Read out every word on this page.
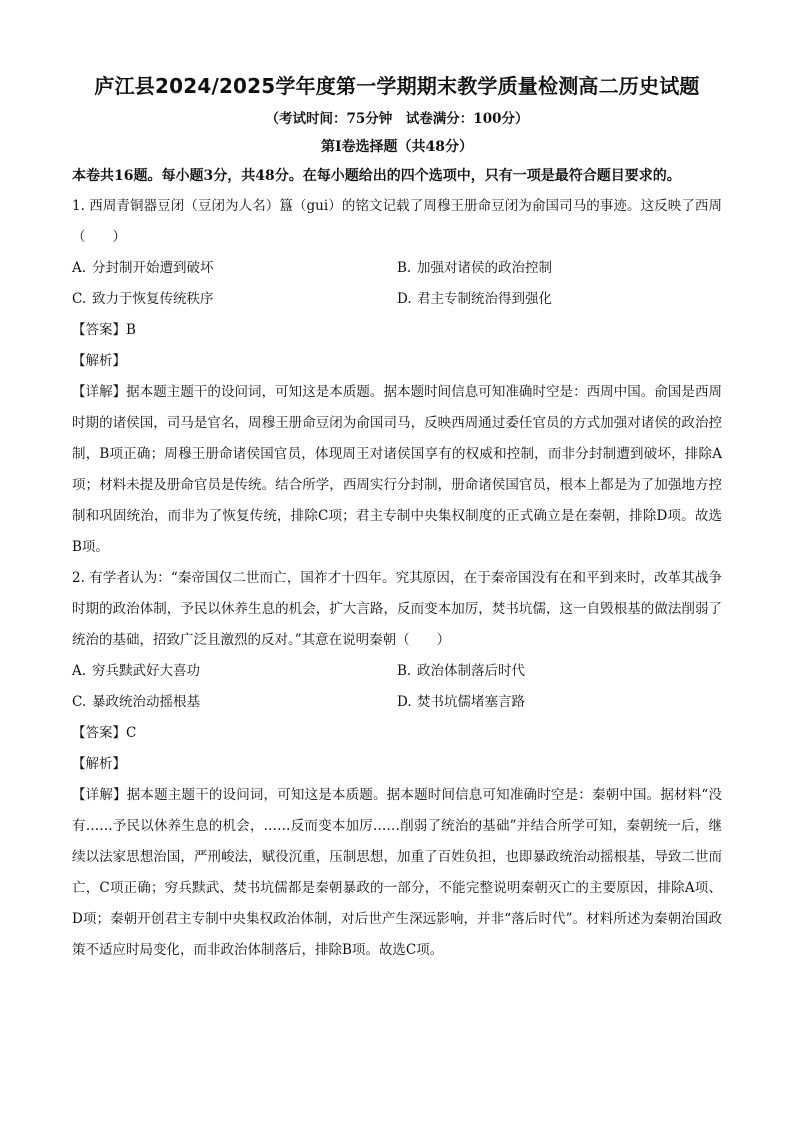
庐江县2024/2025学年度第一学期期末教学质量检测高二历史试题
（考试时间：75分钟　试卷满分：100分）
第Ⅰ卷选择题（共48分）

本卷共16题。每小题3分，共48分。在每小题给出的四个选项中，只有一项是最符合题目要求的。

1. 西周青铜器豆闭（豆闭为人名）簋（gui）的铭文记载了周穆王册命豆闭为俞国司马的事迹。这反映了西周（　　）

A. 分封制开始遭到破坏	B. 加强对诸侯的政治控制
C. 致力于恢复传统秩序	D. 君主专制统治得到强化

【答案】B

【解析】

【详解】据本题主题干的设问词，可知这是本质题。据本题时间信息可知准确时空是：西周中国。俞国是西周时期的诸侯国，司马是官名，周穆王册命豆闭为俞国司马，反映西周通过委任官员的方式加强对诸侯的政治控制，B项正确；周穆王册命诸侯国官员，体现周王对诸侯国享有的权威和控制，而非分封制遭到破坏，排除A项；材料未提及册命官员是传统。结合所学，西周实行分封制，册命诸侯国官员，根本上都是为了加强地方控制和巩固统治，而非为了恢复传统，排除C项；君主专制中央集权制度的正式确立是在秦朝，排除D项。故选B项。

2. 有学者认为：“秦帝国仅二世而亡，国祚才十四年。究其原因，在于秦帝国没有在和平到来时，改革其战争时期的政治体制，予民以休养生息的机会，扩大言路，反而变本加厉，焚书坑儒，这一自毁根基的做法削弱了统治的基础，招致广泛且激烈的反对。”其意在说明秦朝（　　）

A. 穷兵黩武好大喜功	B. 政治体制落后时代
C. 暴政统治动摇根基	D. 焚书坑儒堵塞言路

【答案】C

【解析】

【详解】据本题主题干的设问词，可知这是本质题。据本题时间信息可知准确时空是：秦朝中国。据材料“没有……予民以休养生息的机会，……反而变本加厉……削弱了统治的基础”并结合所学可知，秦朝统一后，继续以法家思想治国，严刑峻法，赋役沉重，压制思想，加重了百姓负担，也即暴政统治动摇根基，导致二世而亡，C项正确；穷兵黩武、焚书坑儒都是秦朝暴政的一部分，不能完整说明秦朝灭亡的主要原因，排除A项、D项；秦朝开创君主专制中央集权政治体制，对后世产生深远影响，并非“落后时代”。材料所述为秦朝治国政策不适应时局变化，而非政治体制落后，排除B项。故选C项。
